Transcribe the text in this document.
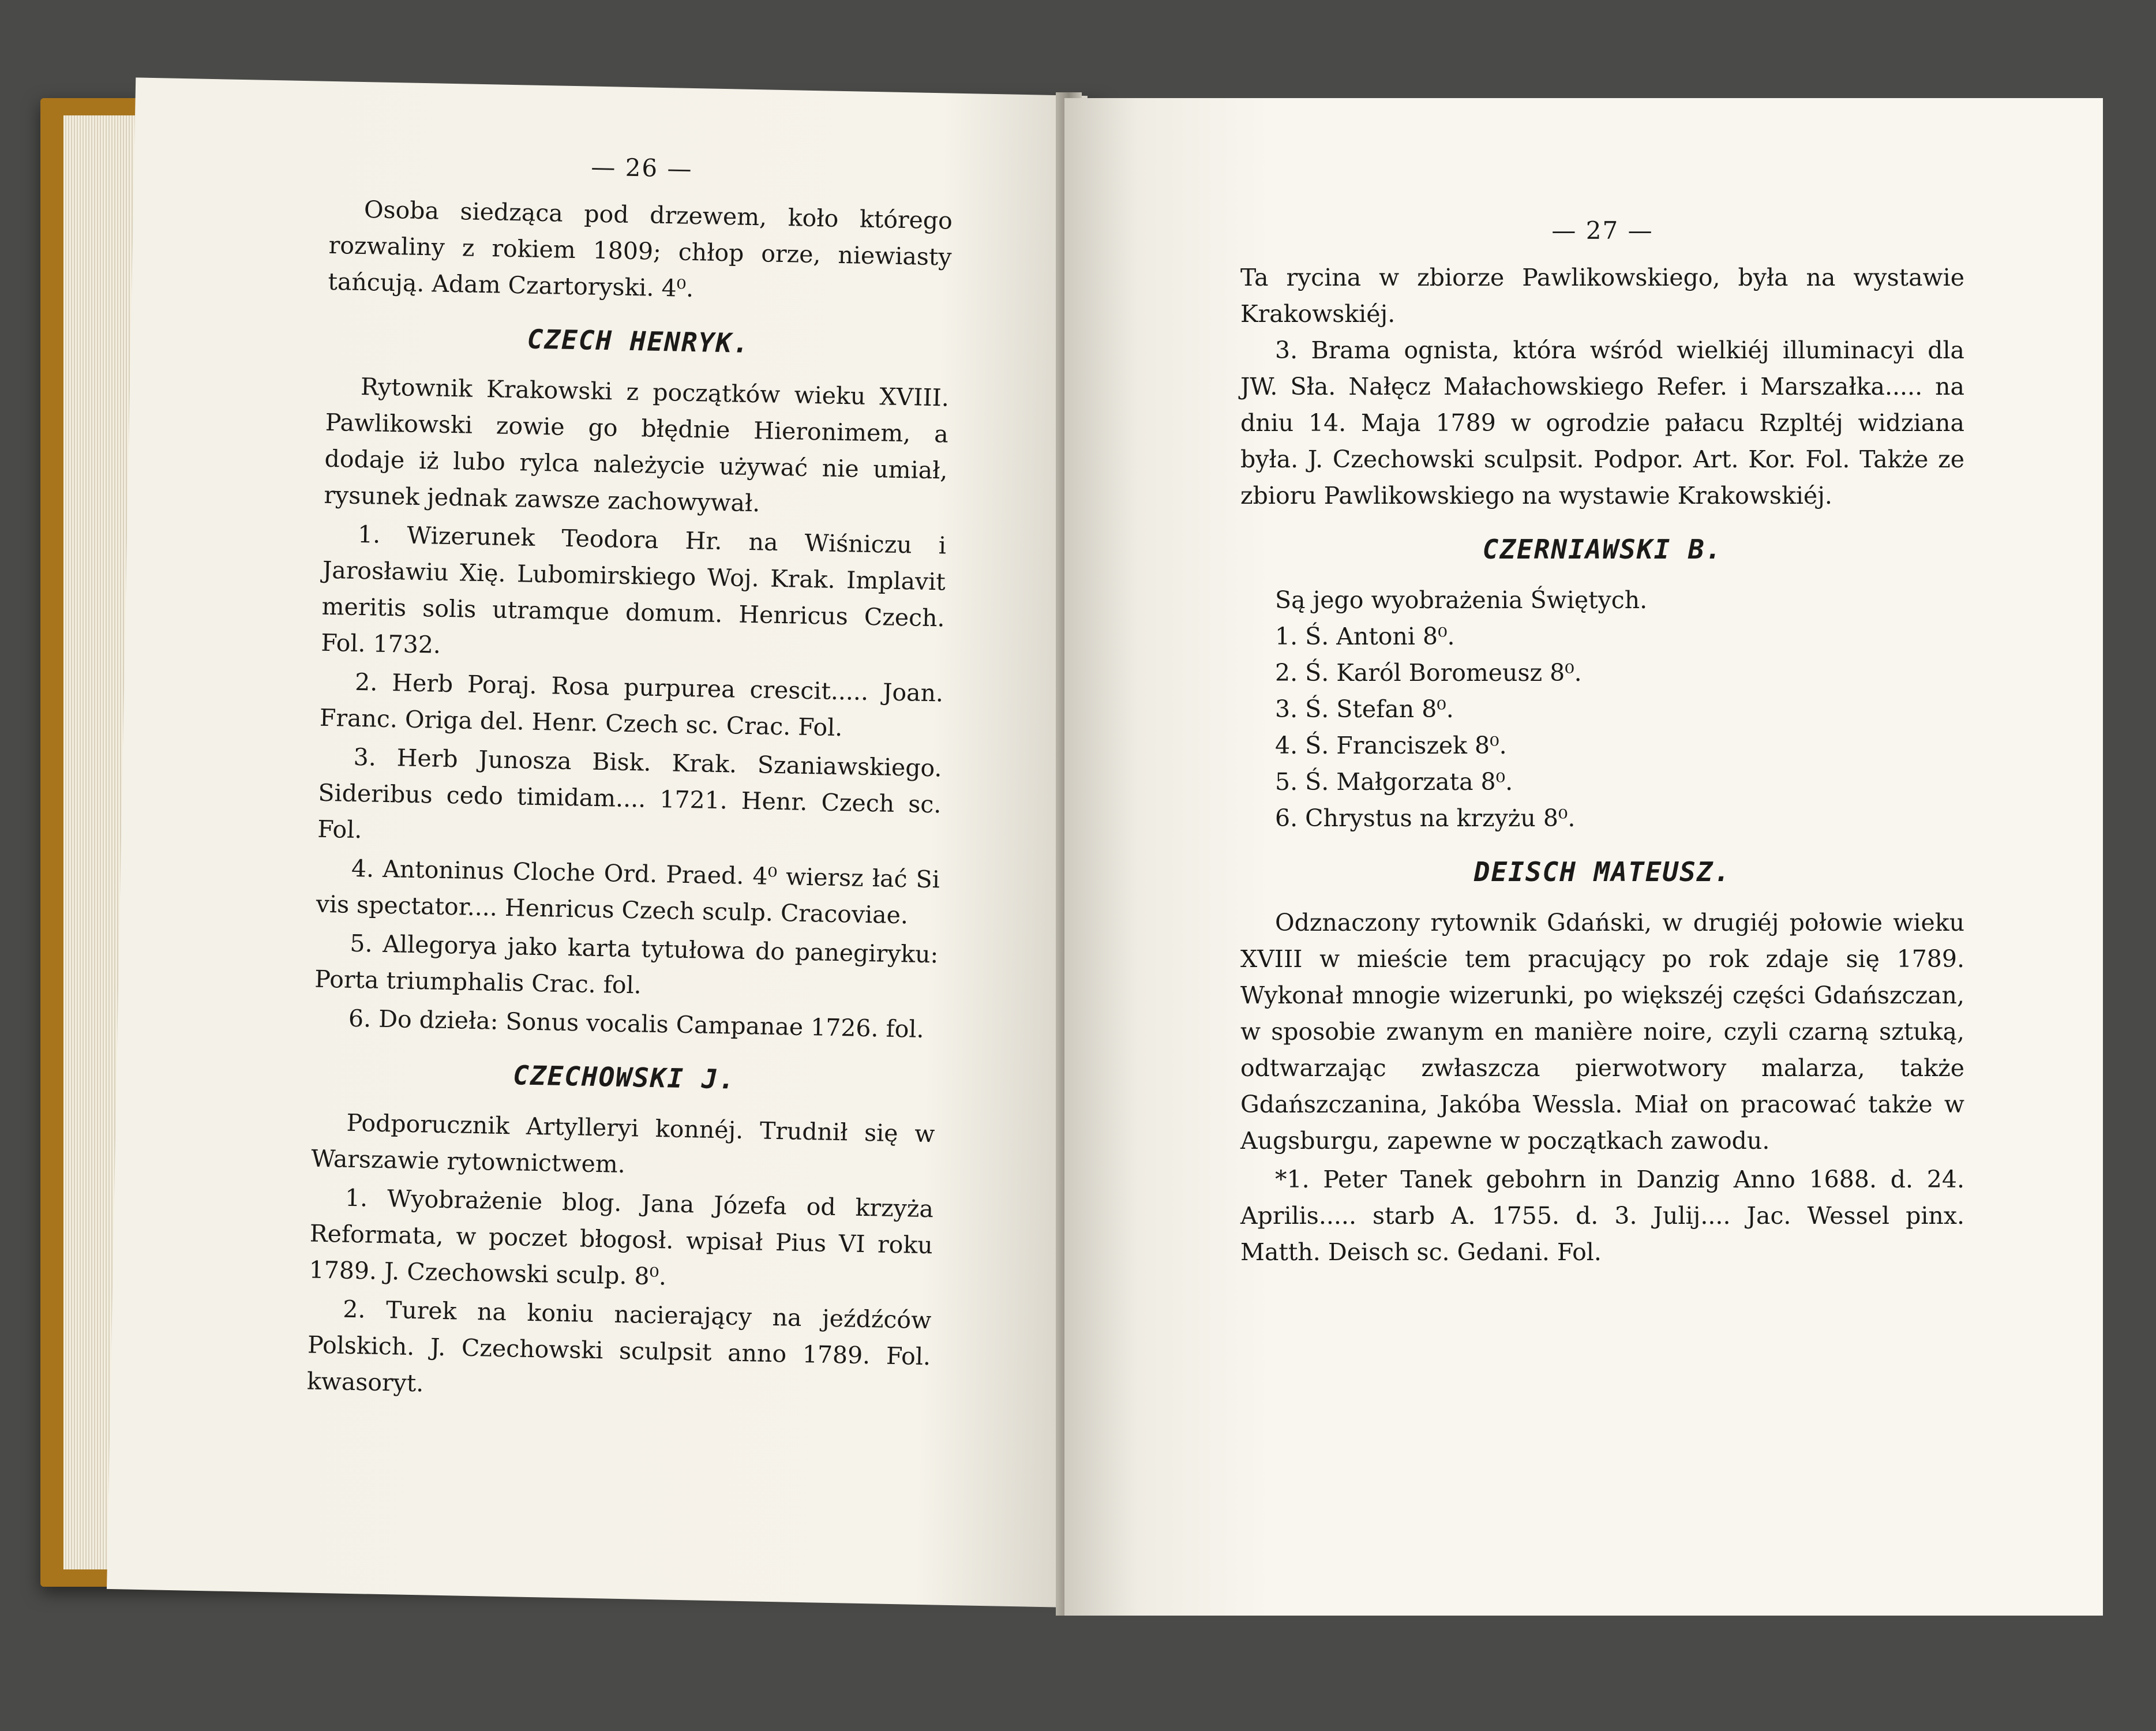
— 26 —

Osoba siedząca pod drzewem, koło którego rozwaliny z rokiem 1809; chłop orze, niewiasty tańcują. Adam Czartoryski. 4⁰.

CZECH HENRYK.

Rytownik Krakowski z początków wieku XVIII. Pawlikowski zowie go błędnie Hieronimem, a dodaje iż lubo rylca należycie używać nie umiał, rysunek jednak zawsze zachowywał.

1. Wizerunek Teodora Hr. na Wiśniczu i Jarosławiu Xię. Lubomirskiego Woj. Krak. Implavit meritis solis utramque domum. Henricus Czech. Fol. 1732.

2. Herb Poraj. Rosa purpurea crescit..... Joan. Franc. Origa del. Henr. Czech sc. Crac. Fol.

3. Herb Junosza Bisk. Krak. Szaniawskiego. Sideribus cedo timidam.... 1721. Henr. Czech sc. Fol.

4. Antoninus Cloche Ord. Praed. 4⁰ wiersz łać Si vis spectator.... Henricus Czech sculp. Cracoviae.

5. Allegorya jako karta tytułowa do panegiryku: Porta triumphalis Crac. fol.

6. Do dzieła: Sonus vocalis Campanae 1726. fol.

CZECHOWSKI J.

Podporucznik Artylleryi konnéj. Trudnił się w Warszawie rytownictwem.

1. Wyobrażenie blog. Jana Józefa od krzyża Reformata, w poczet błogosł. wpisał Pius VI roku 1789. J. Czechowski sculp. 8⁰.

2. Turek na koniu nacierający na jeźdźców Polskich. J. Czechowski sculpsit anno 1789. Fol. kwasoryt.

— 27 —

Ta rycina w zbiorze Pawlikowskiego, była na wystawie Krakowskiéj.

3. Brama ognista, która wśród wielkiéj illuminacyi dla JW. Sła. Nałęcz Małachowskiego Refer. i Marszałka..... na dniu 14. Maja 1789 w ogrodzie pałacu Rzpltéj widziana była. J. Czechowski sculpsit. Podpor. Art. Kor. Fol. Także ze zbioru Pawlikowskiego na wystawie Krakowskiéj.

CZERNIAWSKI B.

Są jego wyobrażenia Świętych.

1. Ś. Antoni 8⁰.
2. Ś. Karól Boromeusz 8⁰.
3. Ś. Stefan 8⁰.
4. Ś. Franciszek 8⁰.
5. Ś. Małgorzata 8⁰.
6. Chrystus na krzyżu 8⁰.
DEISCH MATEUSZ.

Odznaczony rytownik Gdański, w drugiéj połowie wieku XVIII w mieście tem pracujący po rok zdaje się 1789. Wykonał mnogie wizerunki, po większéj części Gdańszczan, w sposobie zwanym en manière noire, czyli czarną sztuką, odtwarzając zwłaszcza pierwotwory malarza, także Gdańszczanina, Jakóba Wessla. Miał on pracować także w Augsburgu, zapewne w początkach zawodu.

*1. Peter Tanek gebohrn in Danzig Anno 1688. d. 24. Aprilis..... starb A. 1755. d. 3. Julij.... Jac. Wessel pinx. Matth. Deisch sc. Gedani. Fol.
